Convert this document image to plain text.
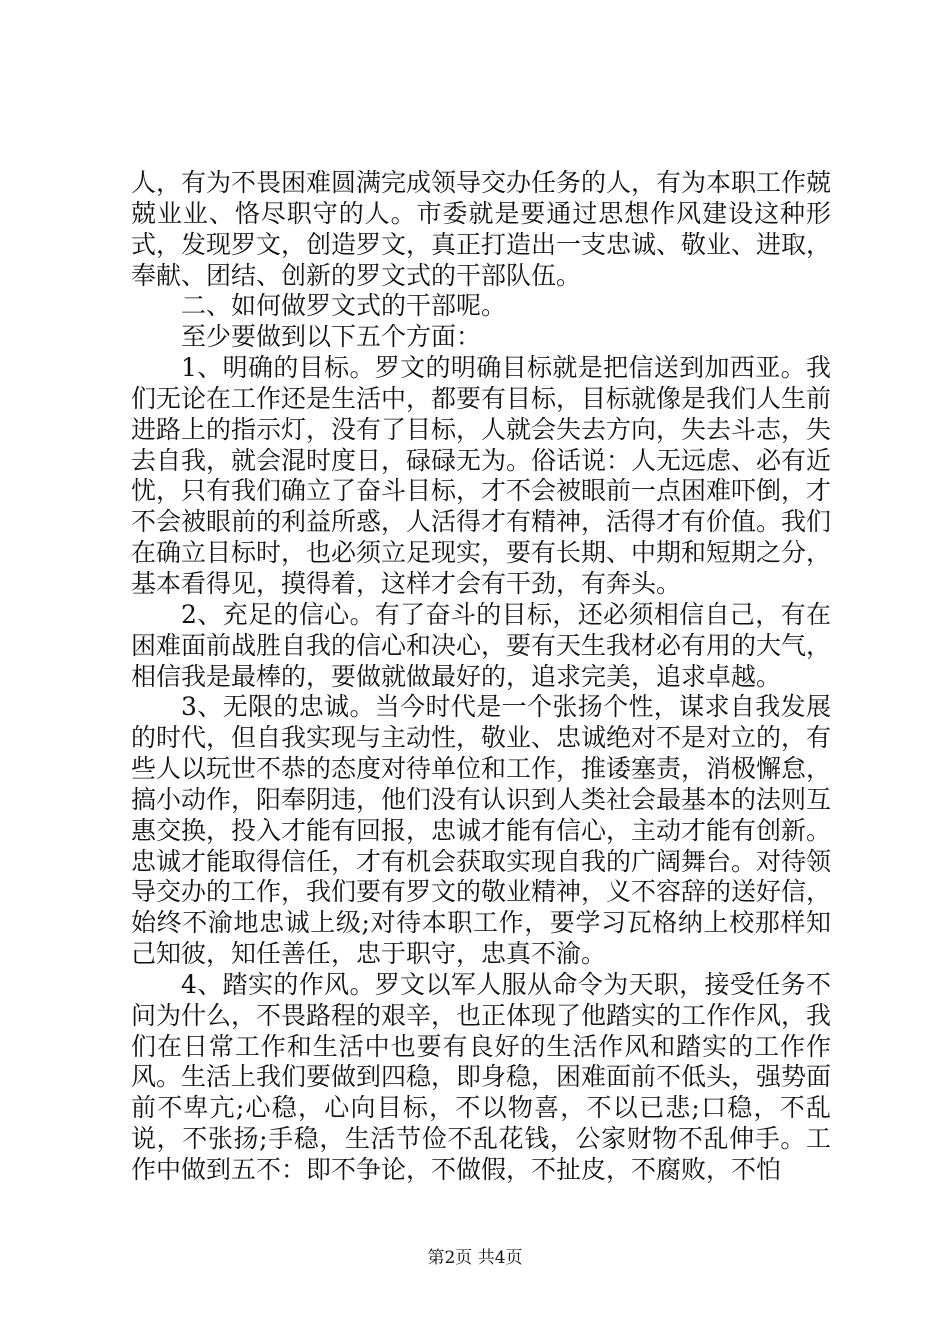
人，有为不畏困难圆满完成领导交办任务的人，有为本职工作兢兢业业、恪尽职守的人。市委就是要通过思想作风建设这种形式，发现罗文，创造罗文，真正打造出一支忠诚、敬业、进取，奉献、团结、创新的罗文式的干部队伍。

二、如何做罗文式的干部呢。

至少要做到以下五个方面：

1、明确的目标。罗文的明确目标就是把信送到加西亚。我们无论在工作还是生活中，都要有目标，目标就像是我们人生前进路上的指示灯，没有了目标，人就会失去方向，失去斗志，失去自我，就会混时度日，碌碌无为。俗话说：人无远虑、必有近忧，只有我们确立了奋斗目标，才不会被眼前一点困难吓倒，才不会被眼前的利益所惑，人活得才有精神，活得才有价值。我们在确立目标时，也必须立足现实，要有长期、中期和短期之分，基本看得见，摸得着，这样才会有干劲，有奔头。

2、充足的信心。有了奋斗的目标，还必须相信自己，有在困难面前战胜自我的信心和决心，要有天生我材必有用的大气，相信我是最棒的，要做就做最好的，追求完美，追求卓越。

3、无限的忠诚。当今时代是一个张扬个性，谋求自我发展的时代，但自我实现与主动性，敬业、忠诚绝对不是对立的，有些人以玩世不恭的态度对待单位和工作，推诿塞责，消极懈怠，搞小动作，阳奉阴违，他们没有认识到人类社会最基本的法则互惠交换，投入才能有回报，忠诚才能有信心，主动才能有创新。忠诚才能取得信任，才有机会获取实现自我的广阔舞台。对待领导交办的工作，我们要有罗文的敬业精神，义不容辞的送好信，始终不渝地忠诚上级;对待本职工作，要学习瓦格纳上校那样知己知彼，知任善任，忠于职守，忠真不渝。

4、踏实的作风。罗文以军人服从命令为天职，接受任务不问为什么，不畏路程的艰辛，也正体现了他踏实的工作作风，我们在日常工作和生活中也要有良好的生活作风和踏实的工作作风。生活上我们要做到四稳，即身稳，困难面前不低头，强势面前不卑亢;心稳，心向目标，不以物喜，不以已悲;口稳，不乱说，不张扬;手稳，生活节俭不乱花钱，公家财物不乱伸手。工作中做到五不：即不争论，不做假，不扯皮，不腐败，不怕

第2页 共4页
